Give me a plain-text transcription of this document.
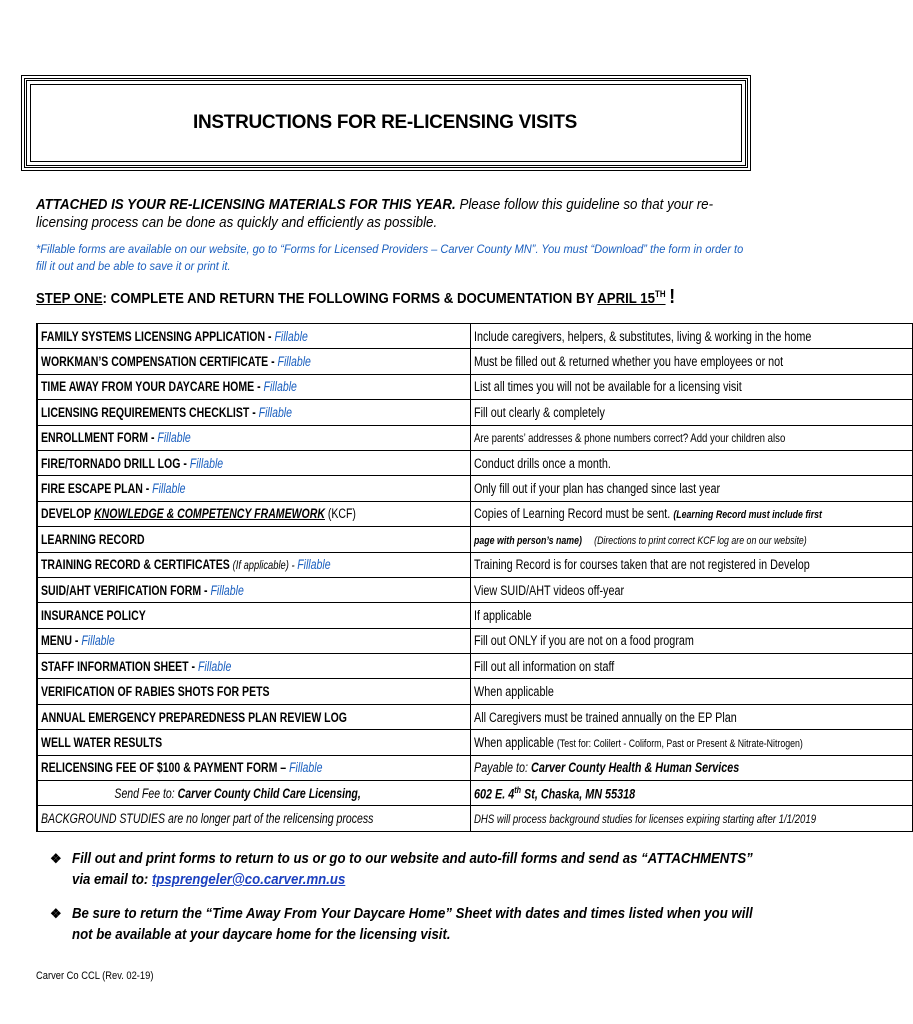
INSTRUCTIONS FOR RE-LICENSING VISITS
ATTACHED IS YOUR RE-LICENSING MATERIALS FOR THIS YEAR. Please follow this guideline so that your re-licensing process can be done as quickly and efficiently as possible.
*Fillable forms are available on our website, go to “Forms for Licensed Providers – Carver County MN”. You must “Download” the form in order to fill it out and be able to save it or print it.
STEP ONE: COMPLETE AND RETURN THE FOLLOWING FORMS & DOCUMENTATION BY APRIL 15TH !
	FAMILY SYSTEMS LICENSING APPLICATION - Fillable	Include caregivers, helpers, & substitutes, living & working in the home
	WORKMAN’S COMPENSATION CERTIFICATE - Fillable	Must be filled out & returned whether you have employees or not
	TIME AWAY FROM YOUR DAYCARE HOME - Fillable	List all times you will not be available for a licensing visit
	LICENSING REQUIREMENTS CHECKLIST - Fillable	Fill out clearly & completely
	ENROLLMENT FORM - Fillable	Are parents’ addresses & phone numbers correct? Add your children also
	FIRE/TORNADO DRILL LOG - Fillable	Conduct drills once a month.
	FIRE ESCAPE PLAN - Fillable	Only fill out if your plan has changed since last year
	DEVELOP KNOWLEDGE & COMPETENCY FRAMEWORK (KCF)	Copies of Learning Record must be sent. (Learning Record must include first
	LEARNING RECORD	page with person’s name)     (Directions to print correct KCF log are on our website)
	TRAINING RECORD & CERTIFICATES (If applicable) - Fillable	Training Record is for courses taken that are not registered in Develop
	SUID/AHT VERIFICATION FORM - Fillable	View SUID/AHT videos off-year
	INSURANCE POLICY	If applicable
	MENU - Fillable	Fill out ONLY if you are not on a food program
	STAFF INFORMATION SHEET - Fillable	Fill out all information on staff
	VERIFICATION OF RABIES SHOTS FOR PETS	When applicable
	ANNUAL EMERGENCY PREPAREDNESS PLAN REVIEW LOG	All Caregivers must be trained annually on the EP Plan
	WELL WATER RESULTS	When applicable (Test for: Colilert - Coliform, Past or Present & Nitrate-Nitrogen)
	RELICENSING FEE OF $100 & PAYMENT FORM – Fillable	Payable to: Carver County Health & Human Services
	Send Fee to: Carver County Child Care Licensing,	602 E. 4th St, Chaska, MN 55318
	BACKGROUND STUDIES are no longer part of the relicensing process	DHS will process background studies for licenses expiring starting after 1/1/2019
❖ Fill out and print forms to return to us or go to our website and auto-fill forms and send as “ATTACHMENTS” via email to: tpsprengeler@co.carver.mn.us
❖ Be sure to return the “Time Away From Your Daycare Home” Sheet with dates and times listed when you will not be available at your daycare home for the licensing visit.
Carver Co CCL (Rev. 02-19)
